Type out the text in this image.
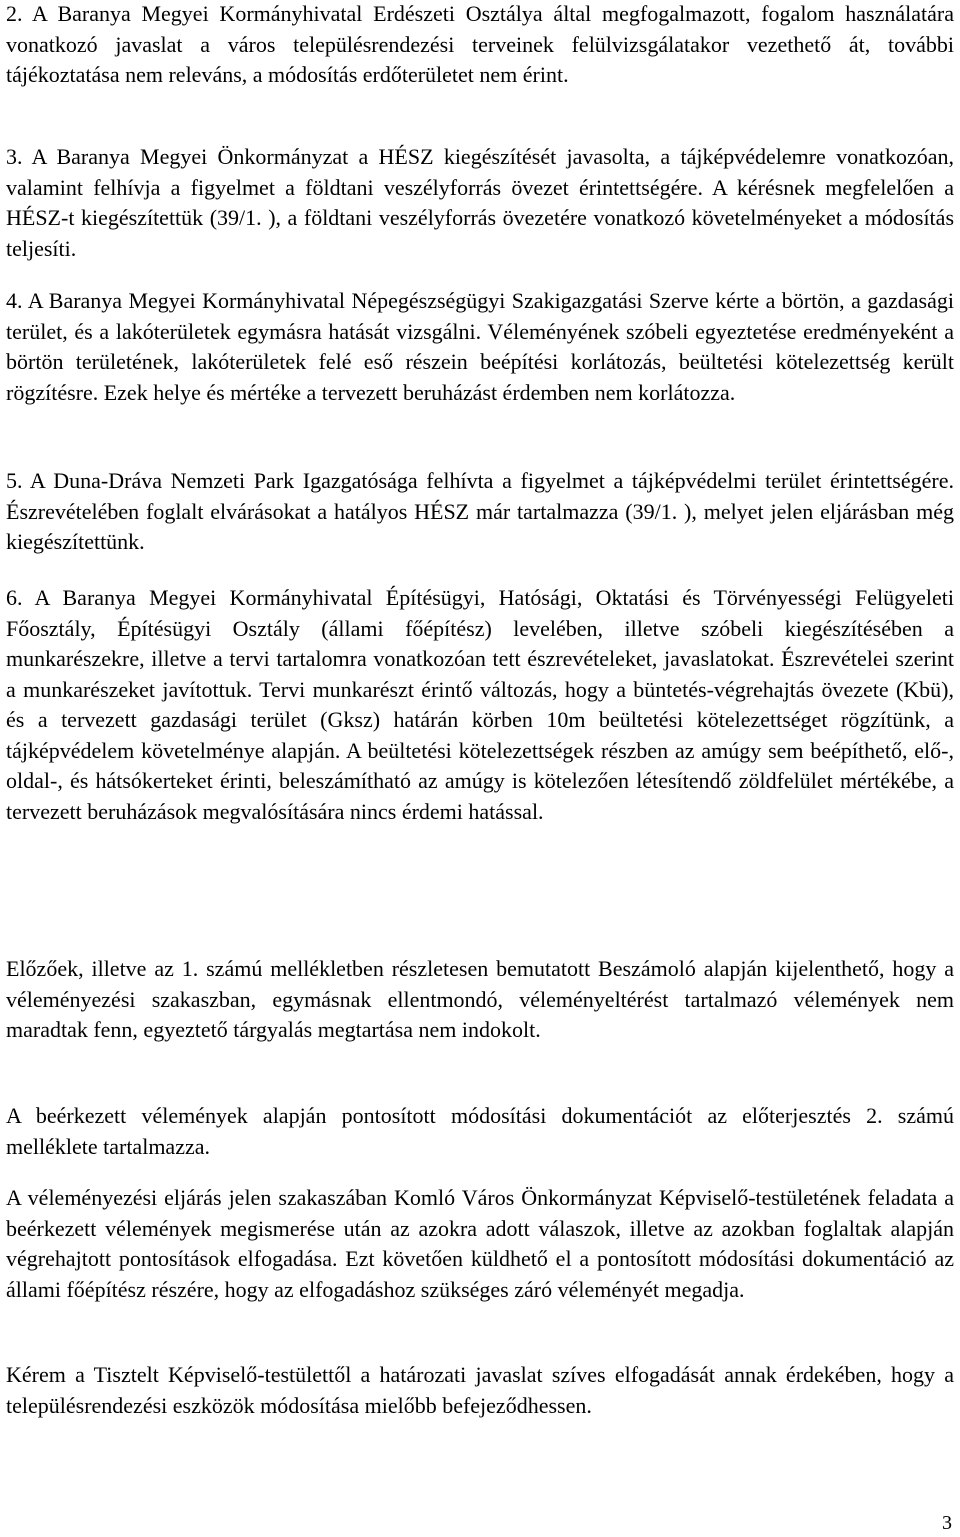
2. A Baranya Megyei Kormányhivatal Erdészeti Osztálya által megfogalmazott, fogalom használatára vonatkozó javaslat a város településrendezési terveinek felülvizsgálatakor vezethető át, további tájékoztatása nem releváns, a módosítás erdőterületet nem érint.

3. A Baranya Megyei Önkormányzat a HÉSZ kiegészítését javasolta, a tájképvédelemre vonatkozóan, valamint felhívja a figyelmet a földtani veszélyforrás övezet érintettségére. A kérésnek megfelelően a HÉSZ-t kiegészítettük (39/1. ), a földtani veszélyforrás övezetére vonatkozó követelményeket a módosítás teljesíti.

4. A Baranya Megyei Kormányhivatal Népegészségügyi Szakigazgatási Szerve kérte a börtön, a gazdasági terület, és a lakóterületek egymásra hatását vizsgálni. Véleményének szóbeli egyeztetése eredményeként a börtön területének, lakóterületek felé eső részein beépítési korlátozás, beültetési kötelezettség került rögzítésre. Ezek helye és mértéke a tervezett beruházást érdemben nem korlátozza.

5. A Duna-Dráva Nemzeti Park Igazgatósága felhívta a figyelmet a tájképvédelmi terület érintettségére. Észrevételében foglalt elvárásokat a hatályos HÉSZ már tartalmazza (39/1. ), melyet jelen eljárásban még kiegészítettünk.

6. A Baranya Megyei Kormányhivatal Építésügyi, Hatósági, Oktatási és Törvényességi Felügyeleti Főosztály, Építésügyi Osztály (állami főépítész) levelében, illetve szóbeli kiegészítésében a munkarészekre, illetve a tervi tartalomra vonatkozóan tett észrevételeket, javaslatokat. Észrevételei szerint a munkarészeket javítottuk. Tervi munkarészt érintő változás, hogy a büntetés-végrehajtás övezete (Kbü), és a tervezett gazdasági terület (Gksz) határán körben 10m beültetési kötelezettséget rögzítünk, a tájképvédelem követelménye alapján. A beültetési kötelezettségek részben az amúgy sem beépíthető, elő-, oldal-, és hátsókerteket érinti, beleszámítható az amúgy is kötelezően létesítendő zöldfelület mértékébe, a tervezett beruházások megvalósítására nincs érdemi hatással.

Előzőek, illetve az 1. számú mellékletben részletesen bemutatott Beszámoló alapján kijelenthető, hogy a véleményezési szakaszban, egymásnak ellentmondó, véleményeltérést tartalmazó vélemények nem maradtak fenn, egyeztető tárgyalás megtartása nem indokolt.

A beérkezett vélemények alapján pontosított módosítási dokumentációt az előterjesztés 2. számú melléklete tartalmazza.

A véleményezési eljárás jelen szakaszában Komló Város Önkormányzat Képviselő-testületének feladata a beérkezett vélemények megismerése után az azokra adott válaszok, illetve az azokban foglaltak alapján végrehajtott pontosítások elfogadása. Ezt követően küldhető el a pontosított módosítási dokumentáció az állami főépítész részére, hogy az elfogadáshoz szükséges záró véleményét megadja.

Kérem a Tisztelt Képviselő-testülettől a határozati javaslat szíves elfogadását annak érdekében, hogy a településrendezési eszközök módosítása mielőbb befejeződhessen.

3
